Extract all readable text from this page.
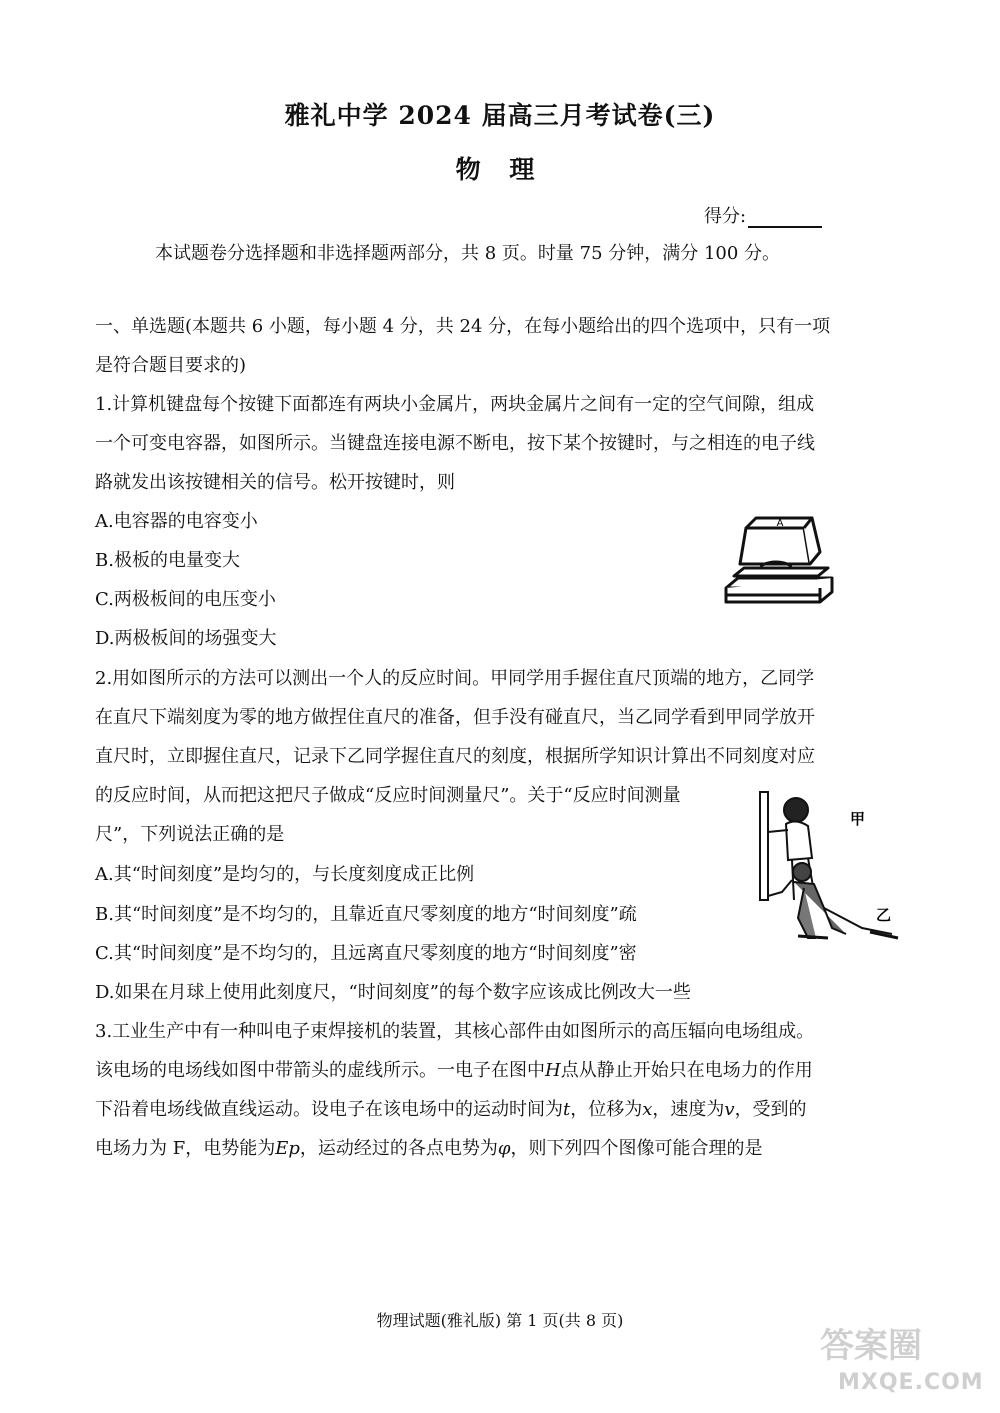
雅礼中学 2024 届高三月考试卷(三)
物 理
得分:
本试题卷分选择题和非选择题两部分，共 8 页。时量 75 分钟，满分 100 分。
一、单选题(本题共 6 小题，每小题 4 分，共 24 分，在每小题给出的四个选项中，只有一项
是符合题目要求的)
1.计算机键盘每个按键下面都连有两块小金属片，两块金属片之间有一定的空气间隙，组成
一个可变电容器，如图所示。当键盘连接电源不断电，按下某个按键时，与之相连的电子线
路就发出该按键相关的信号。松开按键时，则
A.电容器的电容变小
B.极板的电量变大
C.两极板间的电压变小
D.两极板间的场强变大
A
2.用如图所示的方法可以测出一个人的反应时间。甲同学用手握住直尺顶端的地方，乙同学
在直尺下端刻度为零的地方做捏住直尺的准备，但手没有碰直尺，当乙同学看到甲同学放开
直尺时，立即握住直尺，记录下乙同学握住直尺的刻度，根据所学知识计算出不同刻度对应
的反应时间，从而把这把尺子做成“反应时间测量尺”。关于“反应时间测量
尺”，下列说法正确的是
A.其“时间刻度”是均匀的，与长度刻度成正比例
B.其“时间刻度”是不均匀的，且靠近直尺零刻度的地方“时间刻度”疏
C.其“时间刻度”是不均匀的，且远离直尺零刻度的地方“时间刻度”密
D.如果在月球上使用此刻度尺，“时间刻度”的每个数字应该成比例改大一些
甲
乙
3.工业生产中有一种叫电子束焊接机的装置，其核心部件由如图所示的高压辐向电场组成。
该电场的电场线如图中带箭头的虚线所示。一电子在图中H点从静止开始只在电场力的作用
下沿着电场线做直线运动。设电子在该电场中的运动时间为t，位移为x，速度为v，受到的
电场力为 F，电势能为Ep，运动经过的各点电势为φ，则下列四个图像可能合理的是
物理试题(雅礼版) 第 1 页(共 8 页)
答案圈
MXQE.COM
